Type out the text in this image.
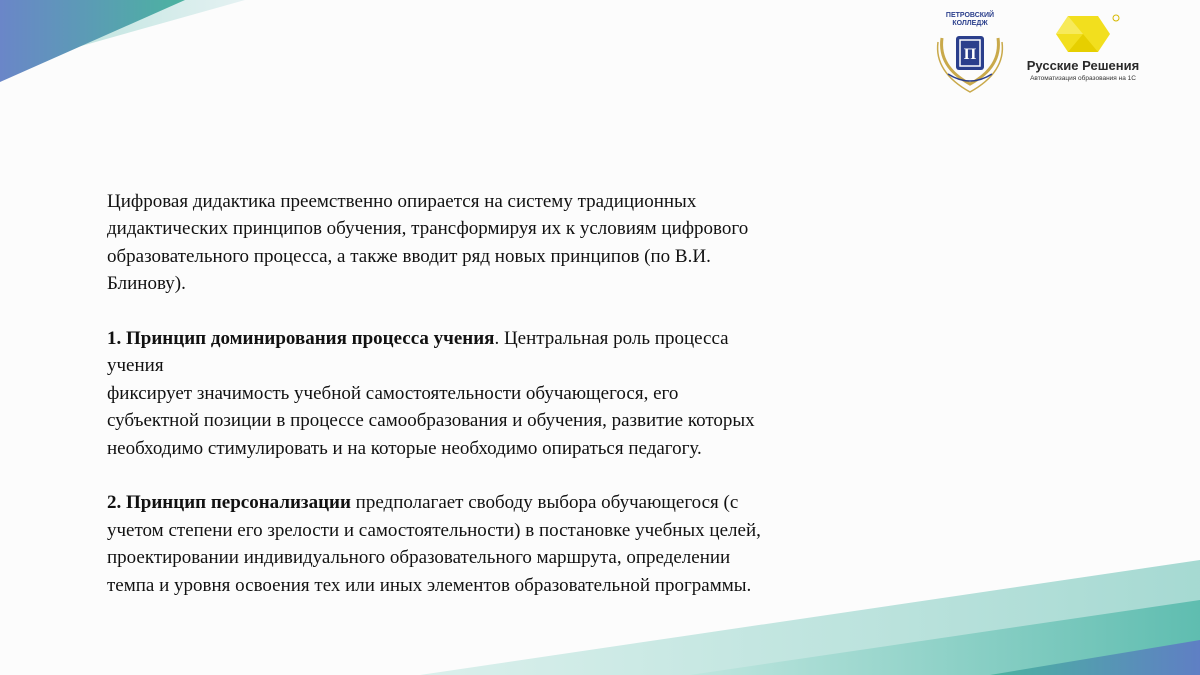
ПЕТРОВСКИЙ
КОЛЛЕДЖ
П
Русские Решения
Автоматизация образования на 1С

Цифровая дидактика преемственно опирается на систему традиционных

дидактических принципов обучения, трансформируя их к условиям цифрового

образовательного процесса, а также вводит ряд новых принципов (по В.И.

Блинову).

1. Принцип доминирования процесса учения. Центральная роль процесса

учения

фиксирует значимость учебной самостоятельности обучающегося, его

субъектной позиции в процессе самообразования и обучения, развитие которых

необходимо стимулировать и на которые необходимо опираться педагогу.

2. Принцип персонализации предполагает свободу выбора обучающегося (с

учетом степени его зрелости и самостоятельности) в постановке учебных целей,

проектировании индивидуального образовательного маршрута, определении

темпа и уровня освоения тех или иных элементов образовательной программы.
